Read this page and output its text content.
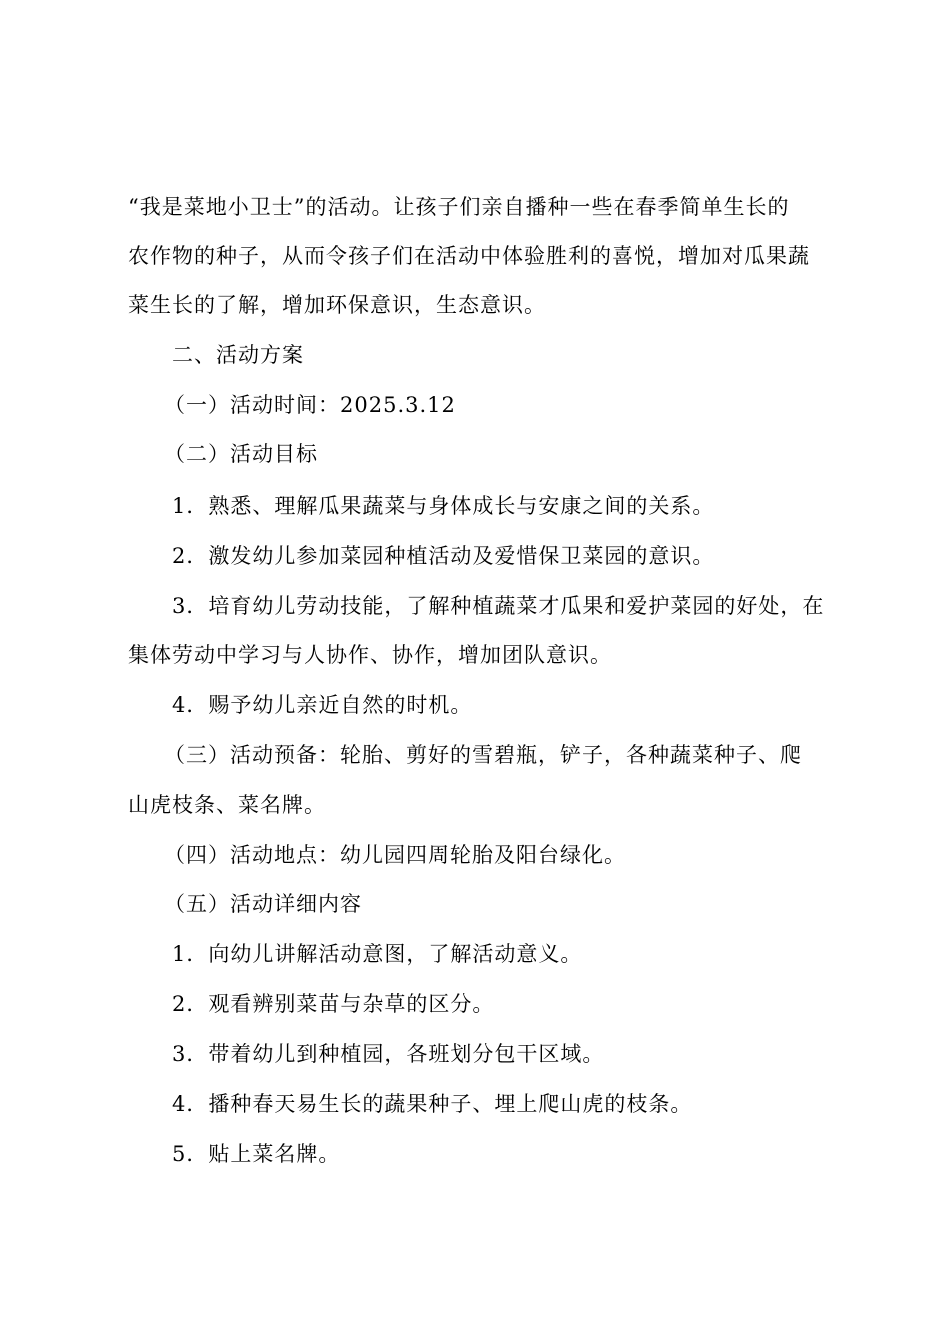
“我是菜地小卫士”的活动。让孩子们亲自播种一些在春季简单生长的
农作物的种子，从而令孩子们在活动中体验胜利的喜悦，增加对瓜果蔬
菜生长的了解，增加环保意识，生态意识。
二、活动方案
（一）活动时间：2025.3.12
（二）活动目标
1．熟悉、理解瓜果蔬菜与身体成长与安康之间的关系。
2．激发幼儿参加菜园种植活动及爱惜保卫菜园的意识。
3．培育幼儿劳动技能，了解种植蔬菜才瓜果和爱护菜园的好处，在
集体劳动中学习与人协作、协作，增加团队意识。
4．赐予幼儿亲近自然的时机。
（三）活动预备：轮胎、剪好的雪碧瓶，铲子，各种蔬菜种子、爬
山虎枝条、菜名牌。
（四）活动地点：幼儿园四周轮胎及阳台绿化。
（五）活动详细内容
1．向幼儿讲解活动意图，了解活动意义。
2．观看辨别菜苗与杂草的区分。
3．带着幼儿到种植园，各班划分包干区域。
4．播种春天易生长的蔬果种子、埋上爬山虎的枝条。
5．贴上菜名牌。
